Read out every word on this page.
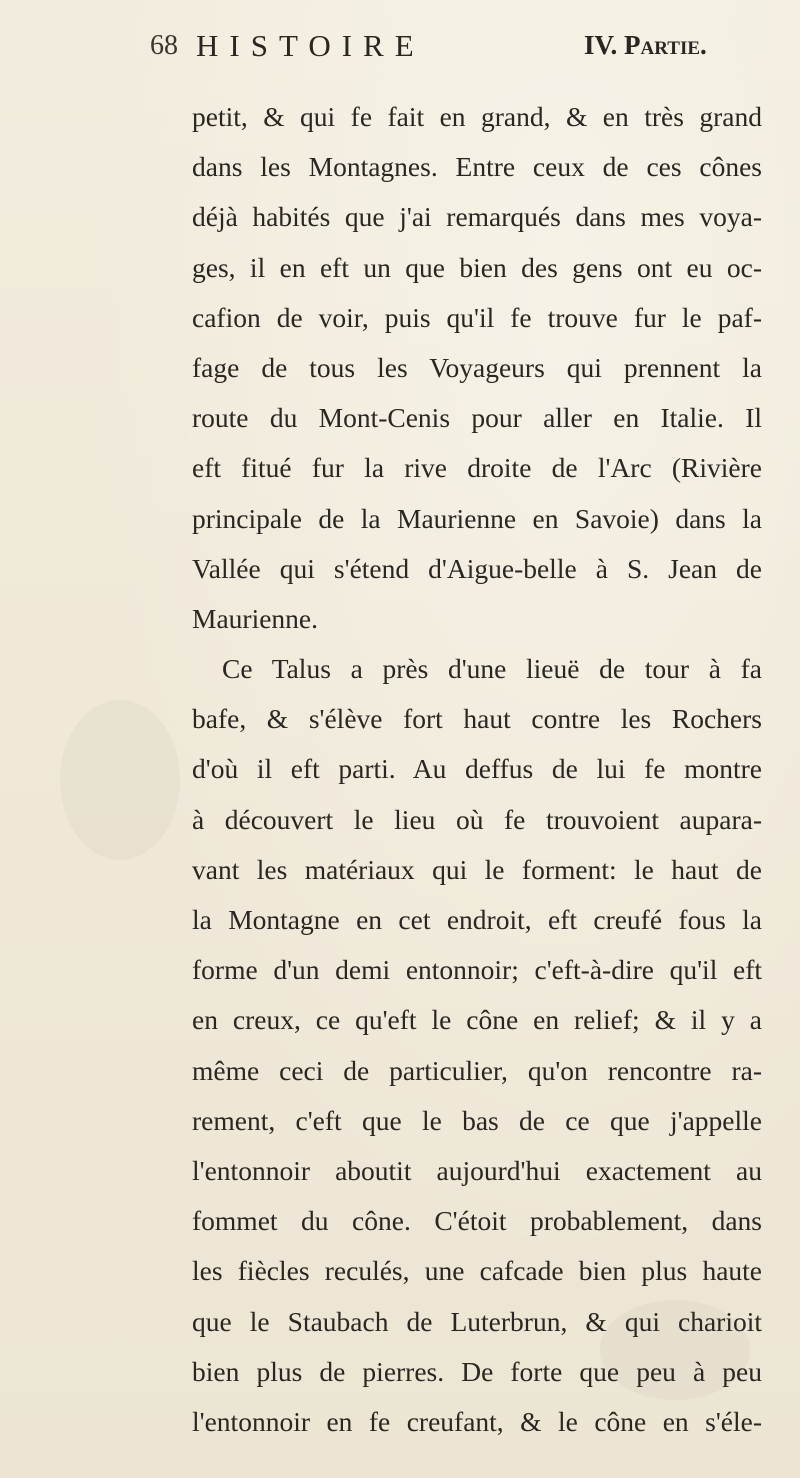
68 HISTOIRE	IV. Partie.
petit, & qui fe fait en grand, & en très grand
dans les Montagnes. Entre ceux de ces cônes
déjà habités que j'ai remarqués dans mes voya-
ges, il en eft un que bien des gens ont eu oc-
cafion de voir, puis qu'il fe trouve fur le paf-
fage de tous les Voyageurs qui prennent la
route du Mont-Cenis pour aller en Italie. Il
eft fitué fur la rive droite de l'Arc (Rivière
principale de la Maurienne en Savoie) dans la
Vallée qui s'étend d'Aigue-belle à S. Jean de
Maurienne.
Ce Talus a près d'une lieuë de tour à fa
bafe, & s'élève fort haut contre les Rochers
d'où il eft parti. Au deffus de lui fe montre
à découvert le lieu où fe trouvoient aupara-
vant les matériaux qui le forment: le haut de
la Montagne en cet endroit, eft creufé fous la
forme d'un demi entonnoir; c'eft-à-dire qu'il eft
en creux, ce qu'eft le cône en relief; & il y a
même ceci de particulier, qu'on rencontre ra-
rement, c'eft que le bas de ce que j'appelle
l'entonnoir aboutit aujourd'hui exactement au
fommet du cône. C'étoit probablement, dans
les fiècles reculés, une cafcade bien plus haute
que le Staubach de Luterbrun, & qui charioit
bien plus de pierres. De forte que peu à peu
l'entonnoir en fe creufant, & le cône en s'éle-
